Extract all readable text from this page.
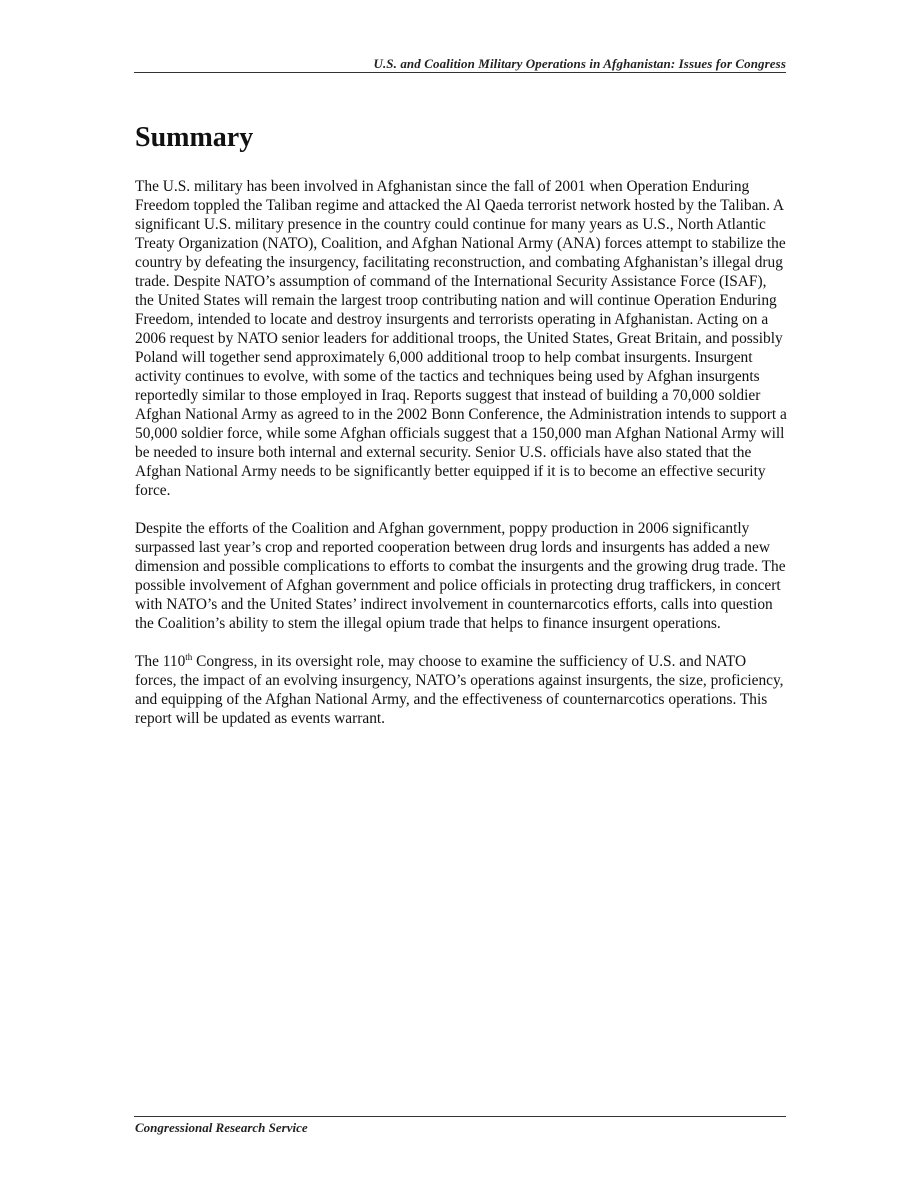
U.S. and Coalition Military Operations in Afghanistan: Issues for Congress
Summary

The U.S. military has been involved in Afghanistan since the fall of 2001 when Operation Enduring Freedom toppled the Taliban regime and attacked the Al Qaeda terrorist network hosted by the Taliban. A significant U.S. military presence in the country could continue for many years as U.S., North Atlantic Treaty Organization (NATO), Coalition, and Afghan National Army (ANA) forces attempt to stabilize the country by defeating the insurgency, facilitating reconstruction, and combating Afghanistan’s illegal drug trade. Despite NATO’s assumption of command of the International Security Assistance Force (ISAF), the United States will remain the largest troop contributing nation and will continue Operation Enduring Freedom, intended to locate and destroy insurgents and terrorists operating in Afghanistan. Acting on a 2006 request by NATO senior leaders for additional troops, the United States, Great Britain, and possibly Poland will together send approximately 6,000 additional troop to help combat insurgents. Insurgent activity continues to evolve, with some of the tactics and techniques being used by Afghan insurgents reportedly similar to those employed in Iraq. Reports suggest that instead of building a 70,000 soldier Afghan National Army as agreed to in the 2002 Bonn Conference, the Administration intends to support a 50,000 soldier force, while some Afghan officials suggest that a 150,000 man Afghan National Army will be needed to insure both internal and external security. Senior U.S. officials have also stated that the Afghan National Army needs to be significantly better equipped if it is to become an effective security force.

Despite the efforts of the Coalition and Afghan government, poppy production in 2006 significantly surpassed last year’s crop and reported cooperation between drug lords and insurgents has added a new dimension and possible complications to efforts to combat the insurgents and the growing drug trade. The possible involvement of Afghan government and police officials in protecting drug traffickers, in concert with NATO’s and the United States’ indirect involvement in counternarcotics efforts, calls into question the Coalition’s ability to stem the illegal opium trade that helps to finance insurgent operations.

The 110th Congress, in its oversight role, may choose to examine the sufficiency of U.S. and NATO forces, the impact of an evolving insurgency, NATO’s operations against insurgents, the size, proficiency, and equipping of the Afghan National Army, and the effectiveness of counternarcotics operations. This report will be updated as events warrant.

Congressional Research Service
